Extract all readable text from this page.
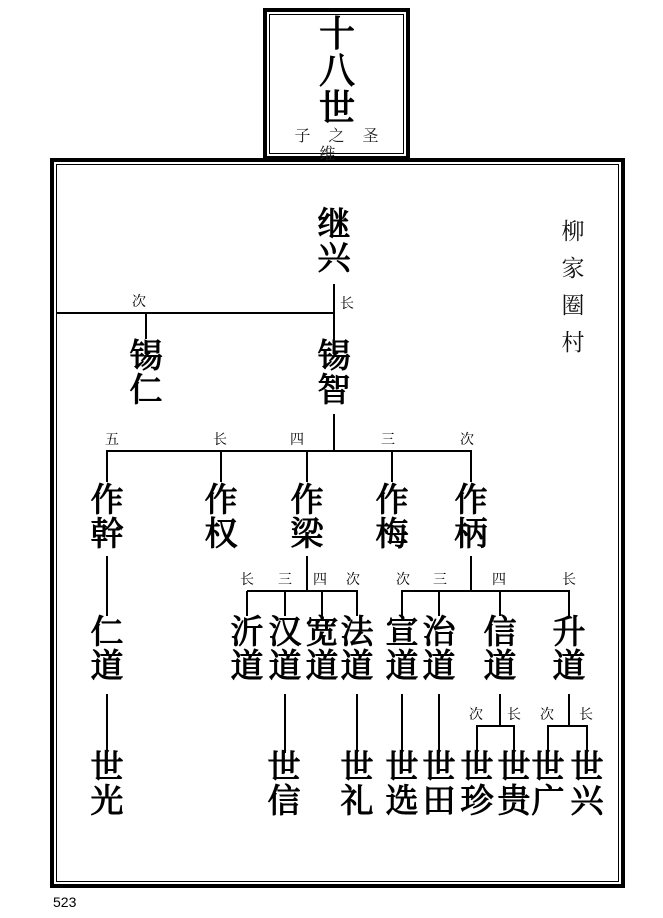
十八世
子之圣维
柳家圈村
继兴
次	长
锡仁
锡智
五	长	四	三	次
作幹
作权
作梁
作梅
作柄
长 三 四 次	次 三	四	长
仁道
沂道
汉道
宽道
法道
宣道
治道
信道
升道
次 长 次 长
世光
世信
世礼
世选
世田
世珍
世贵
世广
世兴
523
